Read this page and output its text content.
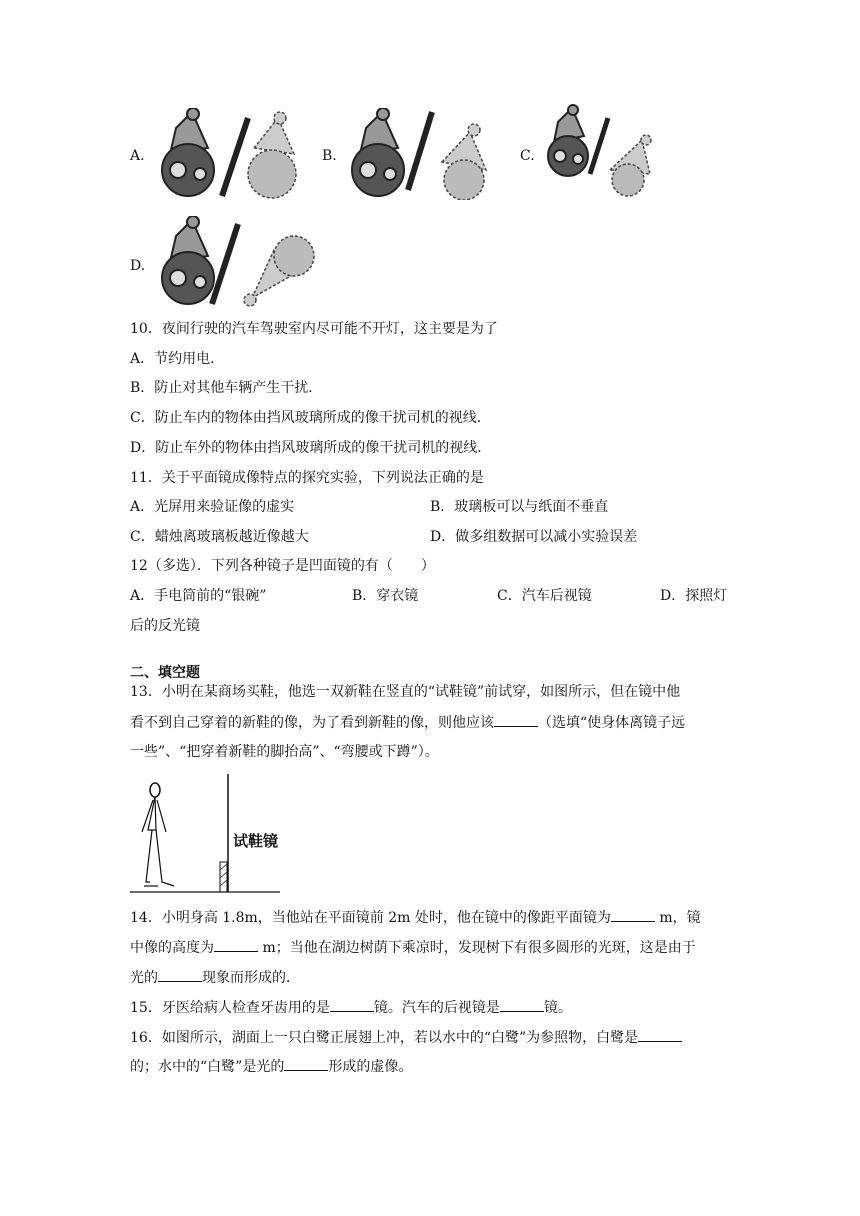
A.	B.	C.
D.
10．夜间行驶的汽车驾驶室内尽可能不开灯，这主要是为了
A．节约用电．
B．防止对其他车辆产生干扰．
C．防止车内的物体由挡风玻璃所成的像干扰司机的视线．
D．防止车外的物体由挡风玻璃所成的像干扰司机的视线．
11．关于平面镜成像特点的探究实验，下列说法正确的是
A．光屏用来验证像的虚实	B．玻璃板可以与纸面不垂直
C．蜡烛离玻璃板越近像越大	D．做多组数据可以减小实验误差
12（多选）．下列各种镜子是凹面镜的有（　　）
A．手电筒前的“银碗”	B．穿衣镜	C．汽车后视镜	D．探照灯
后的反光镜
二、填空题
13．小明在某商场买鞋，他选一双新鞋在竖直的“试鞋镜”前试穿，如图所示，但在镜中他
看不到自己穿着的新鞋的像，为了看到新鞋的像，则他应该	（选填“使身体离镜子远
一些”、“把穿着新鞋的脚抬高”、“弯腰或下蹲”）。
试鞋镜
14．小明身高 1.8m，当他站在平面镜前 2m 处时，他在镜中的像距平面镜为	m，镜
中像的高度为	m；当他在湖边树荫下乘凉时，发现树下有很多圆形的光斑，这是由于
光的	现象而形成的．
15．牙医给病人检查牙齿用的是	镜。汽车的后视镜是	镜。
16．如图所示，湖面上一只白鹭正展翅上冲，若以水中的“白鹭”为参照物，白鹭是
的；水中的“白鹭”是光的	形成的虚像。
